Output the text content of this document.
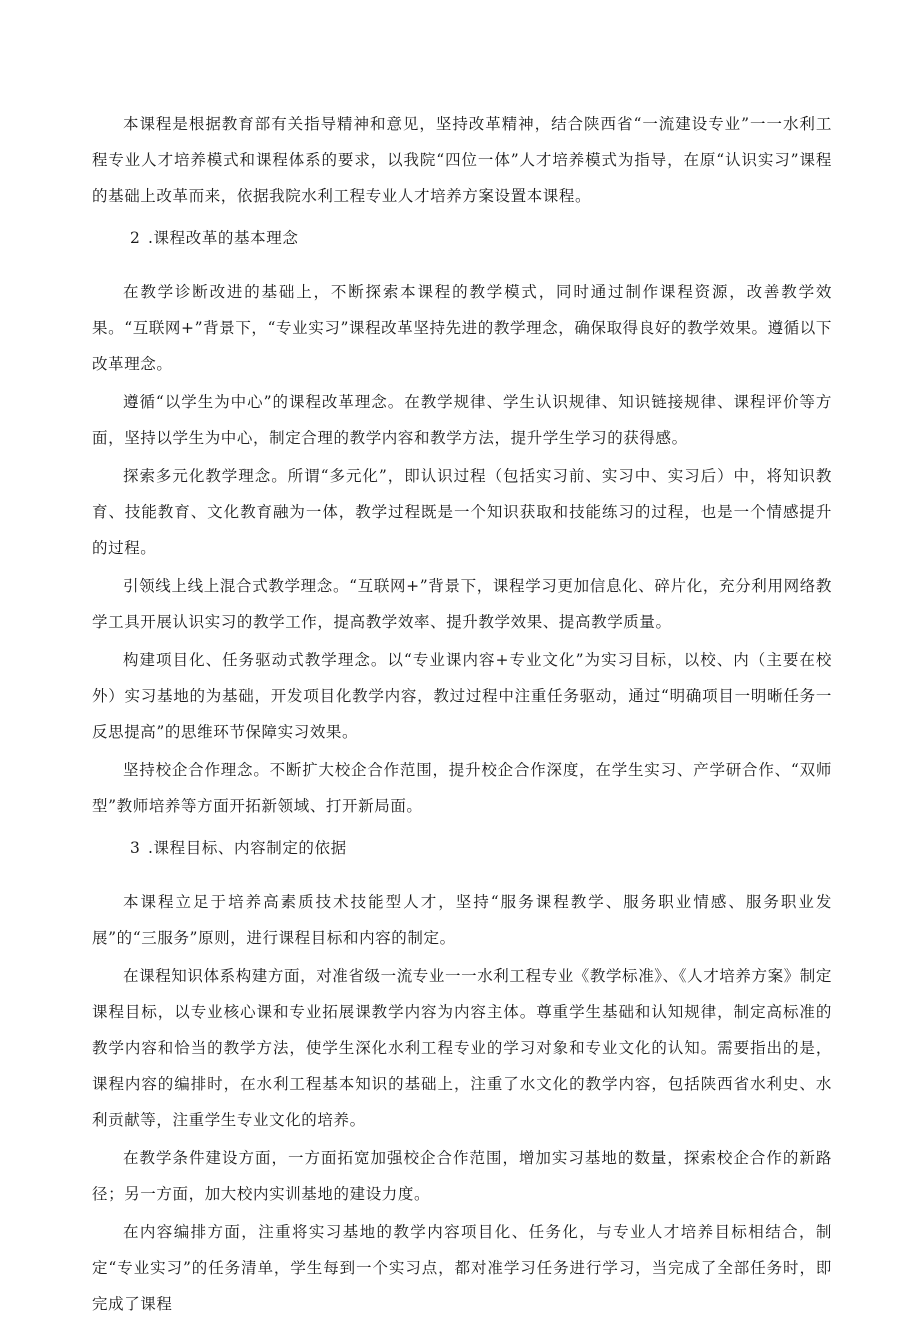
本课程是根据教育部有关指导精神和意见，坚持改革精神，结合陕西省“一流建设专业”一一水利工程专业人才培养模式和课程体系的要求，以我院“四位一体”人才培养模式为指导，在原“认识实习”课程的基础上改革而来，依据我院水利工程专业人才培养方案设置本课程。

2 .课程改革的基本理念

在教学诊断改进的基础上，不断探索本课程的教学模式，同时通过制作课程资源，改善教学效果。“互联网+”背景下，“专业实习”课程改革坚持先进的教学理念，确保取得良好的教学效果。遵循以下改革理念。

遵循“以学生为中心”的课程改革理念。在教学规律、学生认识规律、知识链接规律、课程评价等方面，坚持以学生为中心，制定合理的教学内容和教学方法，提升学生学习的获得感。

探索多元化教学理念。所谓“多元化”，即认识过程（包括实习前、实习中、实习后）中，将知识教育、技能教育、文化教育融为一体，教学过程既是一个知识获取和技能练习的过程，也是一个情感提升的过程。

引领线上线上混合式教学理念。“互联网+”背景下，课程学习更加信息化、碎片化，充分利用网络教学工具开展认识实习的教学工作，提高教学效率、提升教学效果、提高教学质量。

构建项目化、任务驱动式教学理念。以“专业课内容+专业文化”为实习目标，以校、内（主要在校外）实习基地的为基础，开发项目化教学内容，教过过程中注重任务驱动，通过“明确项目一明晰任务一反思提高”的思维环节保障实习效果。

坚持校企合作理念。不断扩大校企合作范围，提升校企合作深度，在学生实习、产学研合作、“双师型”教师培养等方面开拓新领域、打开新局面。

3 .课程目标、内容制定的依据

本课程立足于培养高素质技术技能型人才，坚持“服务课程教学、服务职业情感、服务职业发展”的“三服务”原则，进行课程目标和内容的制定。

在课程知识体系构建方面，对准省级一流专业一一水利工程专业《教学标准》、《人才培养方案》制定课程目标，以专业核心课和专业拓展课教学内容为内容主体。尊重学生基础和认知规律，制定高标准的教学内容和恰当的教学方法，使学生深化水利工程专业的学习对象和专业文化的认知。需要指出的是，课程内容的编排时，在水利工程基本知识的基础上，注重了水文化的教学内容，包括陕西省水利史、水利贡献等，注重学生专业文化的培养。

在教学条件建设方面，一方面拓宽加强校企合作范围，增加实习基地的数量，探索校企合作的新路径；另一方面，加大校内实训基地的建设力度。

在内容编排方面，注重将实习基地的教学内容项目化、任务化，与专业人才培养目标相结合，制定“专业实习”的任务清单，学生每到一个实习点，都对准学习任务进行学习，当完成了全部任务时，即完成了课程
